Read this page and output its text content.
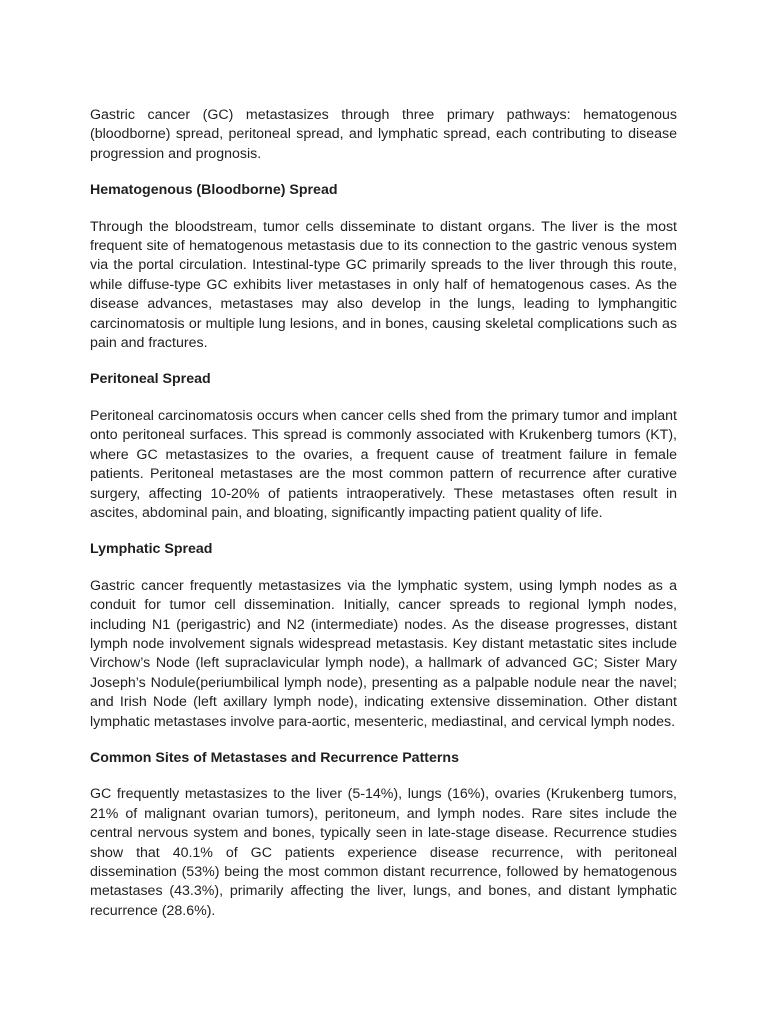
Gastric cancer (GC) metastasizes through three primary pathways: hematogenous (bloodborne) spread, peritoneal spread, and lymphatic spread, each contributing to disease progression and prognosis.

Hematogenous (Bloodborne) Spread

Through the bloodstream, tumor cells disseminate to distant organs. The liver is the most frequent site of hematogenous metastasis due to its connection to the gastric venous system via the portal circulation. Intestinal-type GC primarily spreads to the liver through this route, while diffuse-type GC exhibits liver metastases in only half of hematogenous cases. As the disease advances, metastases may also develop in the lungs, leading to lymphangitic carcinomatosis or multiple lung lesions, and in bones, causing skeletal complications such as pain and fractures.

Peritoneal Spread

Peritoneal carcinomatosis occurs when cancer cells shed from the primary tumor and implant onto peritoneal surfaces. This spread is commonly associated with Krukenberg tumors (KT), where GC metastasizes to the ovaries, a frequent cause of treatment failure in female patients. Peritoneal metastases are the most common pattern of recurrence after curative surgery, affecting 10-20% of patients intraoperatively. These metastases often result in ascites, abdominal pain, and bloating, significantly impacting patient quality of life.

Lymphatic Spread

Gastric cancer frequently metastasizes via the lymphatic system, using lymph nodes as a conduit for tumor cell dissemination. Initially, cancer spreads to regional lymph nodes, including N1 (perigastric) and N2 (intermediate) nodes. As the disease progresses, distant lymph node involvement signals widespread metastasis. Key distant metastatic sites include Virchow’s Node (left supraclavicular lymph node), a hallmark of advanced GC; Sister Mary Joseph’s Nodule(periumbilical lymph node), presenting as a palpable nodule near the navel; and Irish Node (left axillary lymph node), indicating extensive dissemination. Other distant lymphatic metastases involve para-aortic, mesenteric, mediastinal, and cervical lymph nodes.

Common Sites of Metastases and Recurrence Patterns

GC frequently metastasizes to the liver (5-14%), lungs (16%), ovaries (Krukenberg tumors, 21% of malignant ovarian tumors), peritoneum, and lymph nodes. Rare sites include the central nervous system and bones, typically seen in late-stage disease. Recurrence studies show that 40.1% of GC patients experience disease recurrence, with peritoneal dissemination (53%) being the most common distant recurrence, followed by hematogenous metastases (43.3%), primarily affecting the liver, lungs, and bones, and distant lymphatic recurrence (28.6%).
